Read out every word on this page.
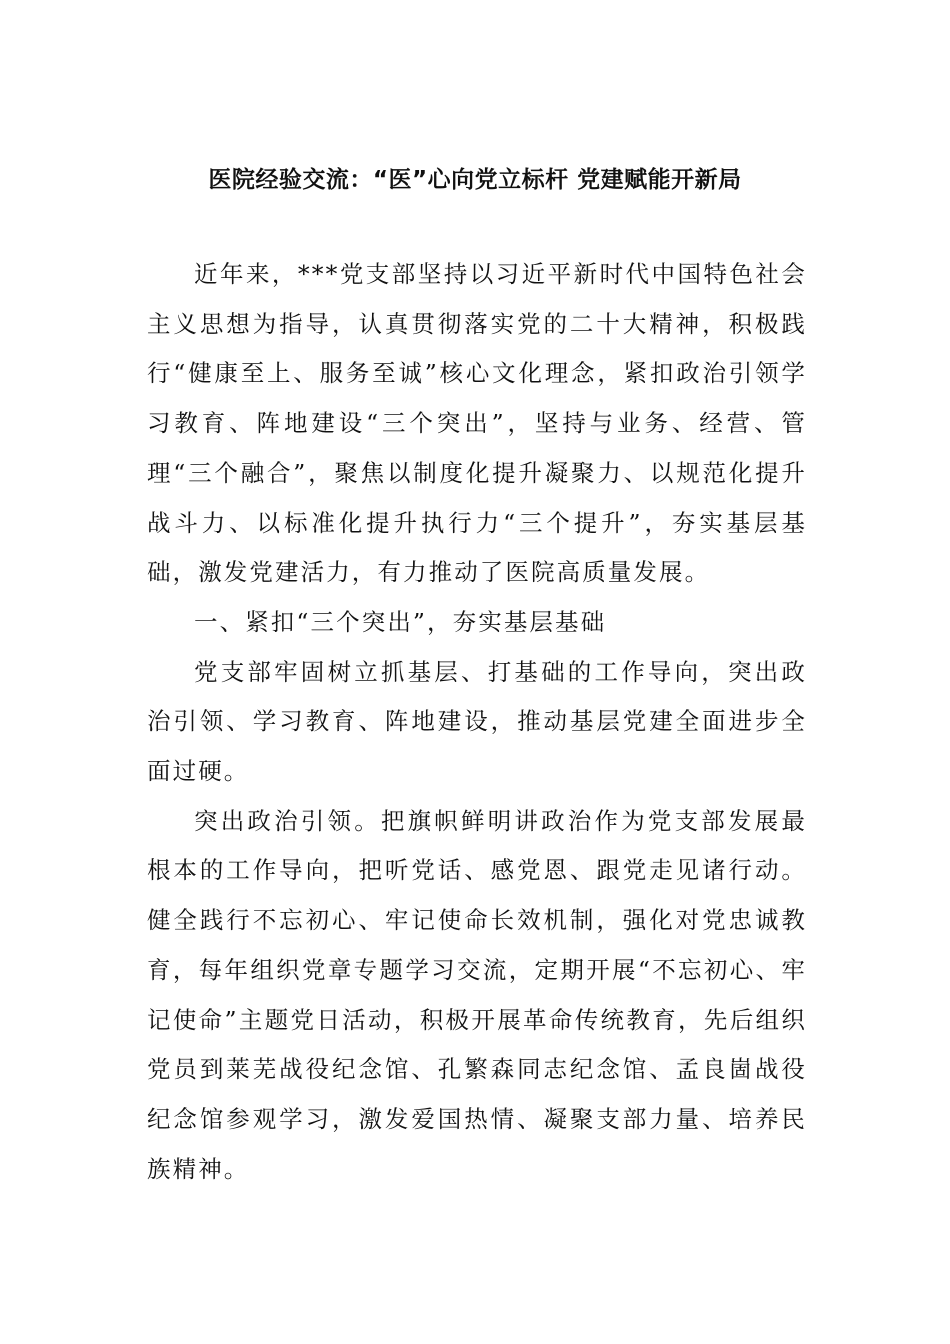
医院经验交流：“医”心向党立标杆 党建赋能开新局

近年来，***党支部坚持以习近平新时代中国特色社会主义思想为指导，认真贯彻落实党的二十大精神，积极践行“健康至上、服务至诚”核心文化理念，紧扣政治引领学习教育、阵地建设“三个突出”，坚持与业务、经营、管理“三个融合”，聚焦以制度化提升凝聚力、以规范化提升战斗力、以标准化提升执行力“三个提升”，夯实基层基础，激发党建活力，有力推动了医院高质量发展。

一、紧扣“三个突出”，夯实基层基础

党支部牢固树立抓基层、打基础的工作导向，突出政治引领、学习教育、阵地建设，推动基层党建全面进步全面过硬。

突出政治引领。把旗帜鲜明讲政治作为党支部发展最根本的工作导向，把听党话、感党恩、跟党走见诸行动。健全践行不忘初心、牢记使命长效机制，强化对党忠诚教育，每年组织党章专题学习交流，定期开展“不忘初心、牢记使命”主题党日活动，积极开展革命传统教育，先后组织党员到莱芜战役纪念馆、孔繁森同志纪念馆、孟良崮战役纪念馆参观学习，激发爱国热情、凝聚支部力量、培养民族精神。
